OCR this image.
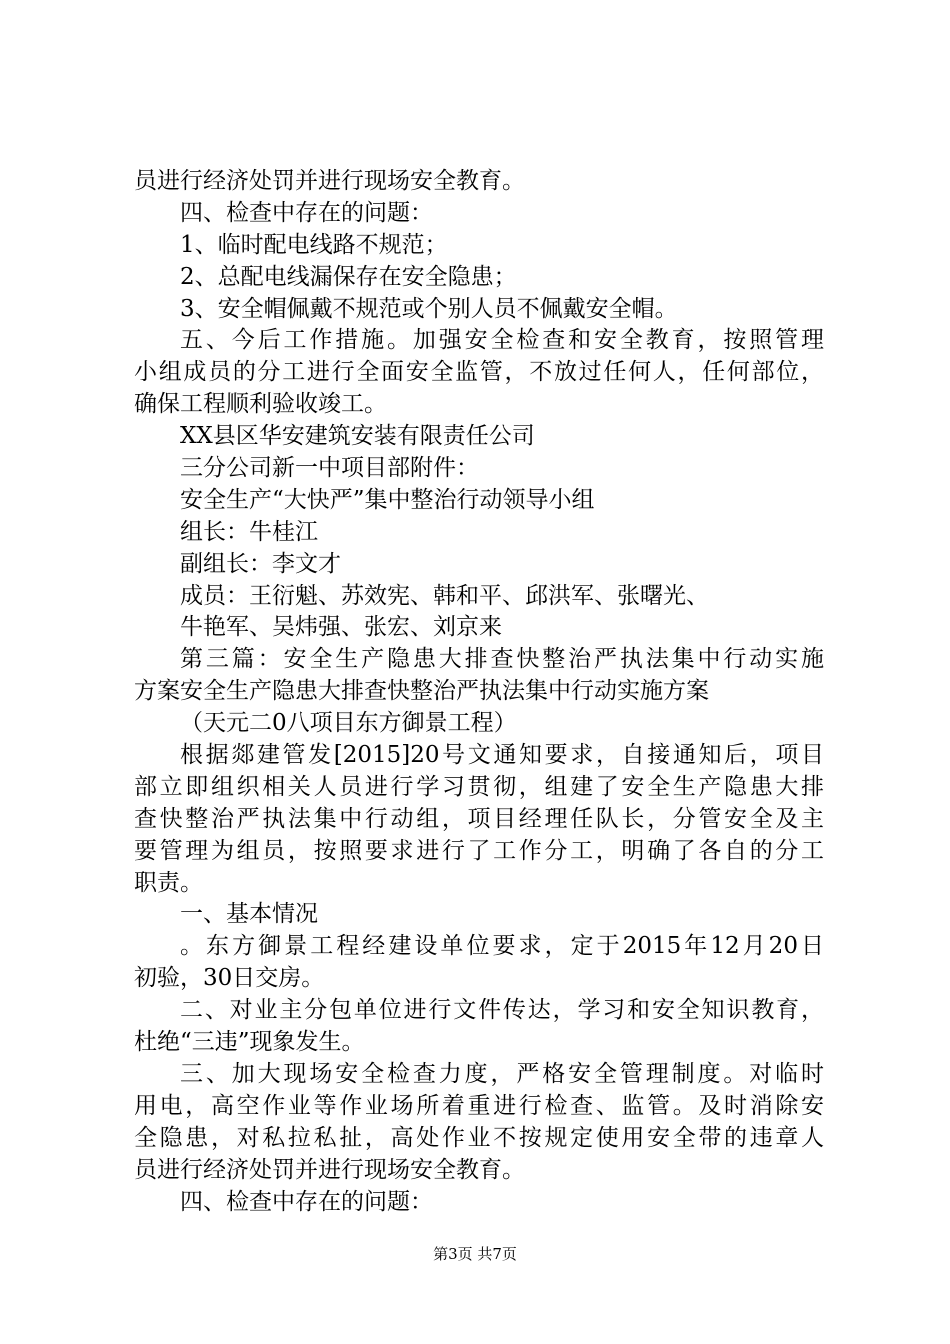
员进行经济处罚并进行现场安全教育。
四、检查中存在的问题：
1、临时配电线路不规范；
2、总配电线漏保存在安全隐患；
3、安全帽佩戴不规范或个别人员不佩戴安全帽。
五、今后工作措施。加强安全检查和安全教育，按照管理
小组成员的分工进行全面安全监管，不放过任何人，任何部位，
确保工程顺利验收竣工。
XX县区华安建筑安装有限责任公司
三分公司新一中项目部附件：
安全生产“大快严”集中整治行动领导小组
组长：牛桂江
副组长：李文才
成员：王衍魁、苏效宪、韩和平、邱洪军、张曙光、
牛艳军、吴炜强、张宏、刘京来
第三篇：安全生产隐患大排查快整治严执法集中行动实施
方案安全生产隐患大排查快整治严执法集中行动实施方案
（天元二0八项目东方御景工程）
根据郯建管发[2015]20号文通知要求，自接通知后，项目
部立即组织相关人员进行学习贯彻，组建了安全生产隐患大排
查快整治严执法集中行动组，项目经理任队长，分管安全及主
要管理为组员，按照要求进行了工作分工，明确了各自的分工
职责。
一、基本情况
。东方御景工程经建设单位要求，定于2015年12月20日
初验，30日交房。
二、对业主分包单位进行文件传达，学习和安全知识教育，
杜绝“三违”现象发生。
三、加大现场安全检查力度，严格安全管理制度。对临时
用电，高空作业等作业场所着重进行检查、监管。及时消除安
全隐患，对私拉私扯，高处作业不按规定使用安全带的违章人
员进行经济处罚并进行现场安全教育。
四、检查中存在的问题：
第3页 共7页
